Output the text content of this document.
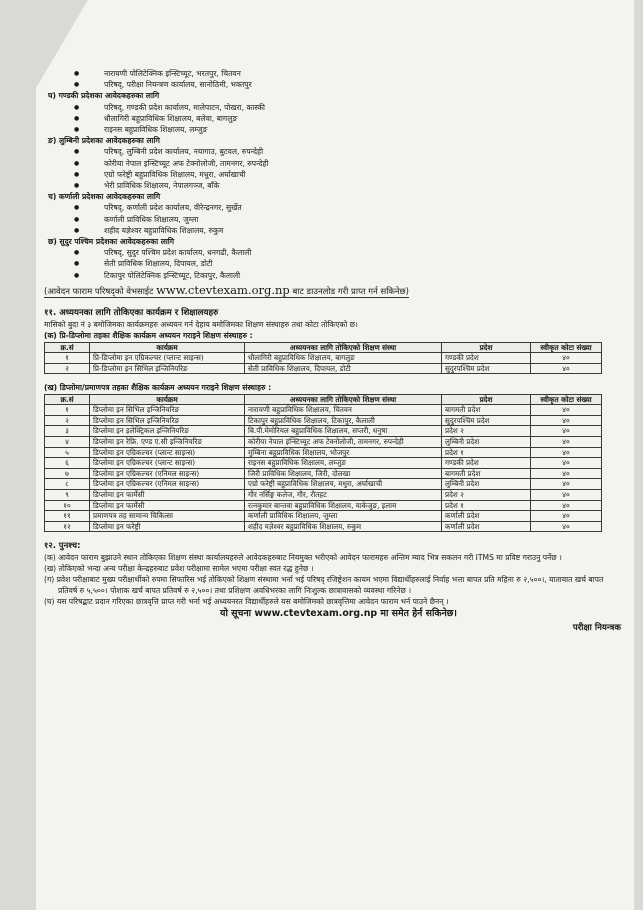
● नारायणी पोलिटेक्निक इन्स्टिच्यूट, भरतपुर, चितवन
● परिषद्, परीक्षा नियन्त्रण कार्यालय, सानोठिमी, भक्तपुर
घ) गण्डकी प्रदेशका आवेदकहरुका लागि
● परिषद्, गण्डकी प्रदेश कार्यालय, मालेपाटन, पोखरा, कास्की
● धौलागिरी बहुप्राविधिक शिक्षालय, बलेवा, बागलुङ
● राइनस बहुप्राविधिक शिक्षालय, लम्जुङ
ङ) लुम्बिनी प्रदेशका आवेदकहरुका लागि
● परिषद्, लुम्बिनी प्रदेश कार्यालय, नयागाउ, बुटवल, रुपन्देही
● कोरीया नेपाल इन्स्टिच्यूट अफ टेक्नोलोजी, तामनगर, रुपन्देही
● एग्रो फरेष्ट्री बहुप्राविधिक शिक्षालय, मधुरा, अर्घाखाची
● भेरी प्राविधिक शिक्षालय, नेपालगञ्ज, बाँके
च) कर्णाली प्रदेशका आवेदकहरुका लागि
● परिषद्, कर्णाली प्रदेश कार्यालय, वीरेन्द्रनगर, सुर्खेत
● कर्णाली प्राविधिक शिक्षालय, जुम्ला
● शहीद यज्ञेश्वर बहुप्राविधिक शिक्षालय, रुकुम
छ) सुदुर पश्चिम प्रदेशका आवेदकहरुका लागि
● परिषद्, सुदुर पश्चिम प्रदेश कार्यालय, धनगढी, कैलाली
● सेती प्राविधिक शिक्षालय, दिपायल, डोटी
● टिकापुर पोलिटेक्निक इन्स्टिच्यूट, टिकापुर, कैलाली
(आवेदन फाराम परिषद्को वेभसाईट www.ctevtexam.org.np बाट डाउनलोड गरी प्राप्त गर्न सकिनेछ)
११. अध्ययनका लागि तोकिएका कार्यक्रम र शिक्षालयहरु
मासिको बुदा नं ३ बमोजिमका कार्यक्रमहरु अध्ययन गर्न देहाय बमोजिमका शिक्षण संस्थाहरु तथा कोटा तोकिएको छ।
(क) प्रि-डिप्लोमा तहका शैक्षिक कार्यक्रम अध्ययन गराइने शिक्षण संस्थाहरु :
क्र.सं	कार्यक्रम	अध्ययनका लागि तोकिएको शिक्षण संस्था	प्रदेश	स्वीकृत कोटा संख्या
१	प्रि-डिप्लोमा इन एग्रिकल्चर (प्लान्ट साइन्स)	धौलागिरी बहुप्राविधिक शिक्षालय, बागलुङ	गण्डकी प्रदेश	४०
२	प्रि-डिप्लोमा इन सिभिल इन्जिनियरिङ	सेती प्राविधिक शिक्षालय, दिपायल, डोटी	सुदुरपश्चिम प्रदेश	४०
(ख) डिप्लोमा/प्रमाणपत्र तहका शैक्षिक कार्यक्रम अध्ययन गराइने शिक्षण संस्थाहरु :
क्र.सं	कार्यक्रम	अध्ययनका लागि तोकिएको शिक्षण संस्था	प्रदेश	स्वीकृत कोटा संख्या
१	डिप्लोमा इन सिभिल इन्जिनियरिङ	नारायणी बहुप्राविधिक शिक्षालय, चितवन	बागमती प्रदेश	४०
२	डिप्लोमा इन सिभिल इन्जिनियरिङ	टिकापुर बहुप्राविधिक शिक्षालय, टिकापुर, कैलाली	सुदुरपश्चिम प्रदेश	४०
३	डिप्लोमा इन इलेक्ट्रिकल इन्जिनियरिङ	बि.पी.मेमोरियल बहुप्राविधिक शिक्षालय, सप्तरी, धनुषा	प्रदेश २	४०
४	डिप्लोमा इन रेफ्रि. एण्ड ए.सी इन्जिनियरिङ	कोरीया नेपाल इन्स्टिच्यूट अफ टेक्नोलोजी, तामनगर, रुपन्देही	लुम्बिनी प्रदेश	४०
५	डिप्लोमा इन एग्रिकल्चर (प्लान्ट साइन्स)	मुम्बिना बहुप्राविधिक शिक्षालय, भोजपुर	प्रदेश १	४०
६	डिप्लोमा इन एग्रिकल्चर (प्लान्ट साइन्स)	राइनस बहुप्राविधिक शिक्षालय, लम्जुङ	गण्डकी प्रदेश	४०
७	डिप्लोमा इन एग्रिकल्चर (एनिमल साइन्स)	जिरी प्राविधिक शिक्षालय, जिरी, दोलखा	बागमती प्रदेश	४०
८	डिप्लोमा इन एग्रिकल्चर (एनिमल साइन्स)	एग्रो फरेष्ट्री बहुप्राविधिक शिक्षालय, मधुरा, अर्घाखाची	लुम्बिनी प्रदेश	४०
९	डिप्लोमा इन फार्मेसी	गौर नर्सिङ्ग कलेज, गौर, रौतहट	प्रदेश २	४०
१०	डिप्लोमा इन फार्मेसी	रत्नकुमार बान्तवा बहुप्राविधिक शिक्षालय, याकेजुङ, इलाम	प्रदेश १	४०
११	प्रमाणपत्र तह सामान्य चिकित्सा	कर्णाली प्राविधिक शिक्षालय, जुम्ला	कर्णाली प्रदेश	४०
१२	डिप्लोमा इन फरेष्ट्री	शहीद यज्ञेश्वर बहुप्राविधिक शिक्षालय, रुकुम	कर्णाली प्रदेश	४०
१२. पुनश्च:
(क) आवेदन फाराम बुझाउने स्थान तोकिएका शिक्षण संस्था कार्यालयहरुले आवेदकहरुबाट नियमुक्त भरीएको आवेदन फारामहरु अन्तिम म्याद भित्र सकलन गरी ITMS मा प्रविष्ट गराउनु पर्नेछ ।
(ख) तोकिएको भन्दा अन्य परीक्षा केन्द्रहरुबाट प्रवेश परीक्षामा सामेल भएमा परीक्षा स्वत रद्ध हुनेछ ।
(ग) प्रवेश परीक्षाबाट मुख्य परीक्षार्थीको रुपमा सिफारिस भई तोकिएको शिक्षण संस्थामा भर्ना भई परिषद् रजिष्ट्रेशन कायम भएमा विद्यार्थीहरुलाई निर्वाह भत्ता बापत प्रति महिना रु २,५००।, यातायात खर्च बापत प्रतिवर्ष रु ५,५००। पोशाक खर्च बापत प्रतिवर्ष रु २,५००। तथा प्रशिक्षण अवधिभरका लागि निःशुल्क छात्रावासको व्यवस्था गरिनेछ ।
(घ) यस परिषद्बाट प्रदान गरिएका छात्रवृत्ति प्राप्त गरी भर्ना भई अध्ययनरत विद्यार्थीहरुले यस बमोजिमको छात्रवृत्तिमा आवेदन फाराम भर्न पाउने छैनन् ।
यो सूचना www.ctevtexam.org.np मा समेत हेर्न सकिनेछ।
परीक्षा नियन्त्रक
